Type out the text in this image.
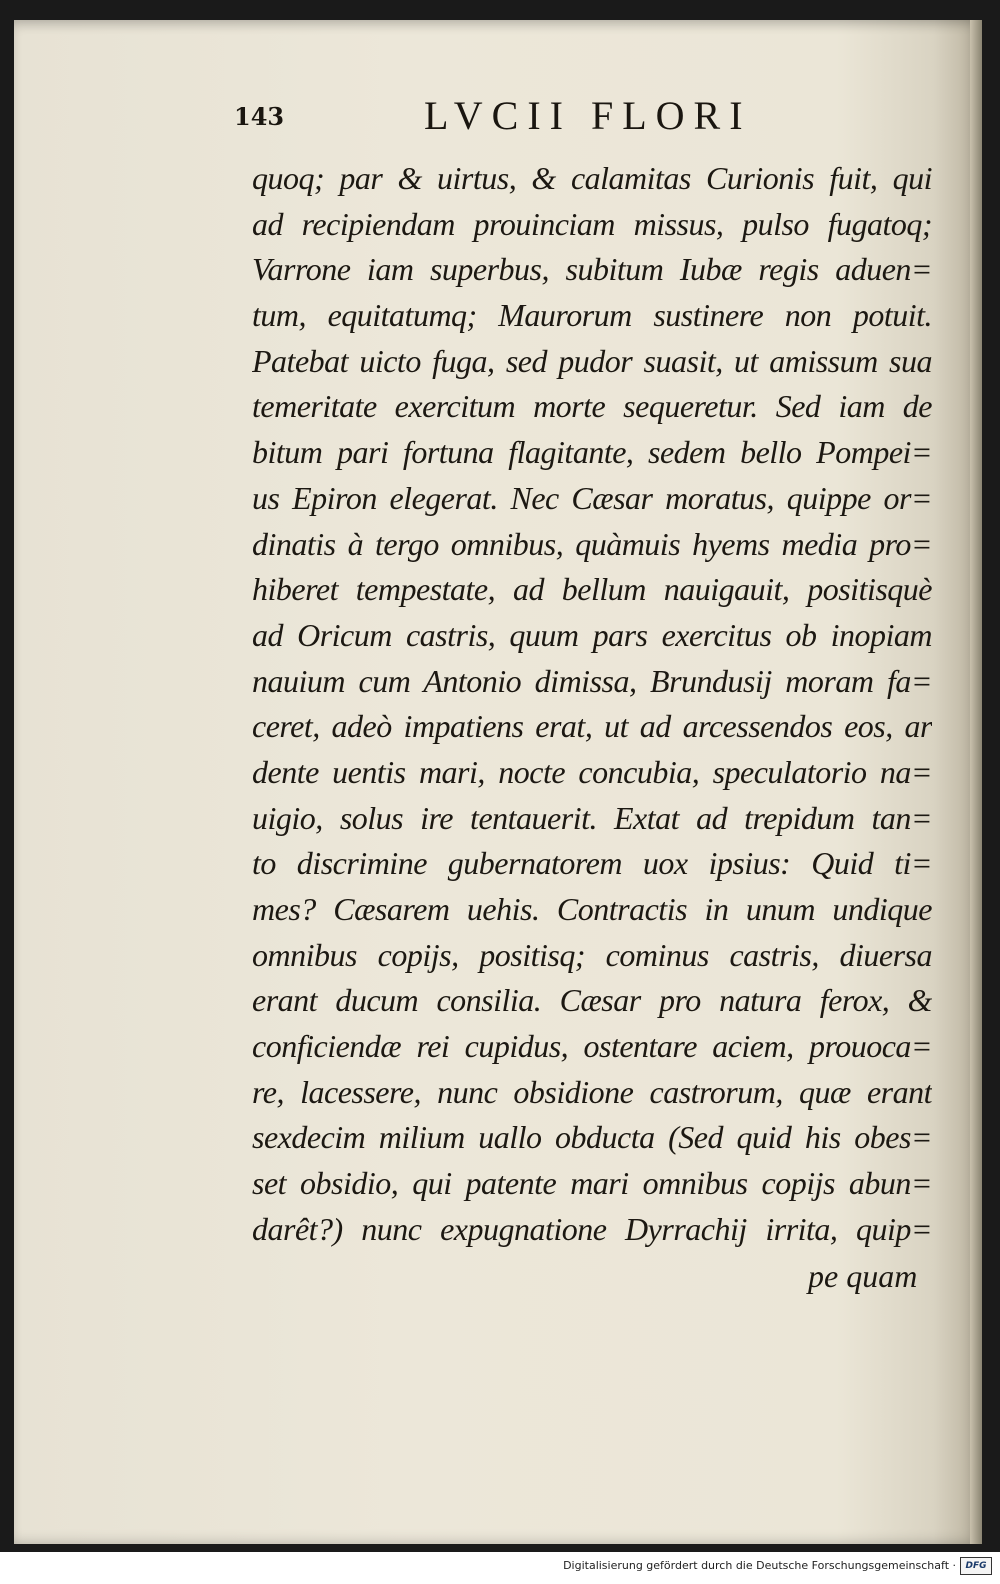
143	LVCII FLORI
quoq; par & uirtus, & calamitas Curionis fuit, qui
ad recipiendam prouinciam missus, pulso fugatoq;
Varrone iam superbus, subitum Iubæ regis aduen=
tum, equitatumq; Maurorum sustinere non potuit.
Patebat uicto fuga, sed pudor suasit, ut amissum sua
temeritate exercitum morte sequeretur. Sed iam de
bitum pari fortuna flagitante, sedem bello Pompei=
us Epiron elegerat. Nec Cæsar moratus, quippe or=
dinatis à tergo omnibus, quàmuis hyems media pro=
hiberet tempestate, ad bellum nauigauit, positisquè
ad Oricum castris, quum pars exercitus ob inopiam
nauium cum Antonio dimissa, Brundusij moram fa=
ceret, adeò impatiens erat, ut ad arcessendos eos, ar
dente uentis mari, nocte concubia, speculatorio na=
uigio, solus ire tentauerit. Extat ad trepidum tan=
to discrimine gubernatorem uox ipsius: Quid ti=
mes? Cæsarem uehis. Contractis in unum undique
omnibus copijs, positisq; cominus castris, diuersa
erant ducum consilia. Cæsar pro natura ferox, &
conficiendæ rei cupidus, ostentare aciem, prouoca=
re, lacessere, nunc obsidione castrorum, quæ erant
sexdecim milium uallo obducta (Sed quid his obes=
set obsidio, qui patente mari omnibus copijs abun=
darêt?) nunc expugnatione Dyrrachij irrita, quip=
pe quam
Digitalisierung gefördert durch die Deutsche Forschungsgemeinschaft ·	DFG
